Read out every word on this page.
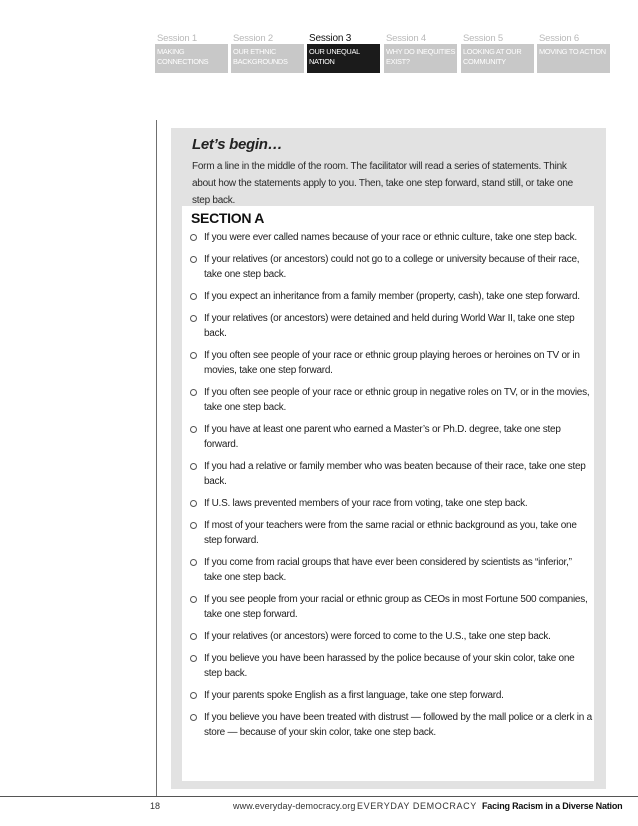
Session 1
MAKING CONNECTIONS
Session 2
OUR ETHNIC BACKGROUNDS
Session 3
OUR UNEQUAL NATION
Session 4
WHY DO INEQUITIES EXIST?
Session 5
LOOKING AT OUR COMMUNITY
Session 6
MOVING TO ACTION
Let’s begin…
Form a line in the middle of the room. The facilitator will read a series of statements. Think about how the statements apply to you. Then, take one step forward, stand still, or take one step back.
SECTION A
If you were ever called names because of your race or ethnic culture, take one step back.
If your relatives (or ancestors) could not go to a college or university because of their race, take one step back.
If you expect an inheritance from a family member (property, cash), take one step forward.
If your relatives (or ancestors) were detained and held during World War II, take one step back.
If you often see people of your race or ethnic group playing heroes or heroines on TV or in movies, take one step forward.
If you often see people of your race or ethnic group in negative roles on TV, or in the movies, take one step back.
If you have at least one parent who earned a Master’s or Ph.D. degree, take one step forward.
If you had a relative or family member who was beaten because of their race, take one step back.
If U.S. laws prevented members of your race from voting, take one step back.
If most of your teachers were from the same racial or ethnic background as you, take one step forward.
If you come from racial groups that have ever been considered by scientists as “inferior,” take one step back.
If you see people from your racial or ethnic group as CEOs in most Fortune 500 companies, take one step forward.
If your relatives (or ancestors) were forced to come to the U.S., take one step back.
If you believe you have been harassed by the police because of your skin color, take one step back.
If your parents spoke English as a first language, take one step forward.
If you believe you have been treated with distrust — followed by the mall police or a clerk in a store — because of your skin color, take one step back.
18	www.everyday-democracy.org EVERYDAY DEMOCRACY Facing Racism in a Diverse Nation
